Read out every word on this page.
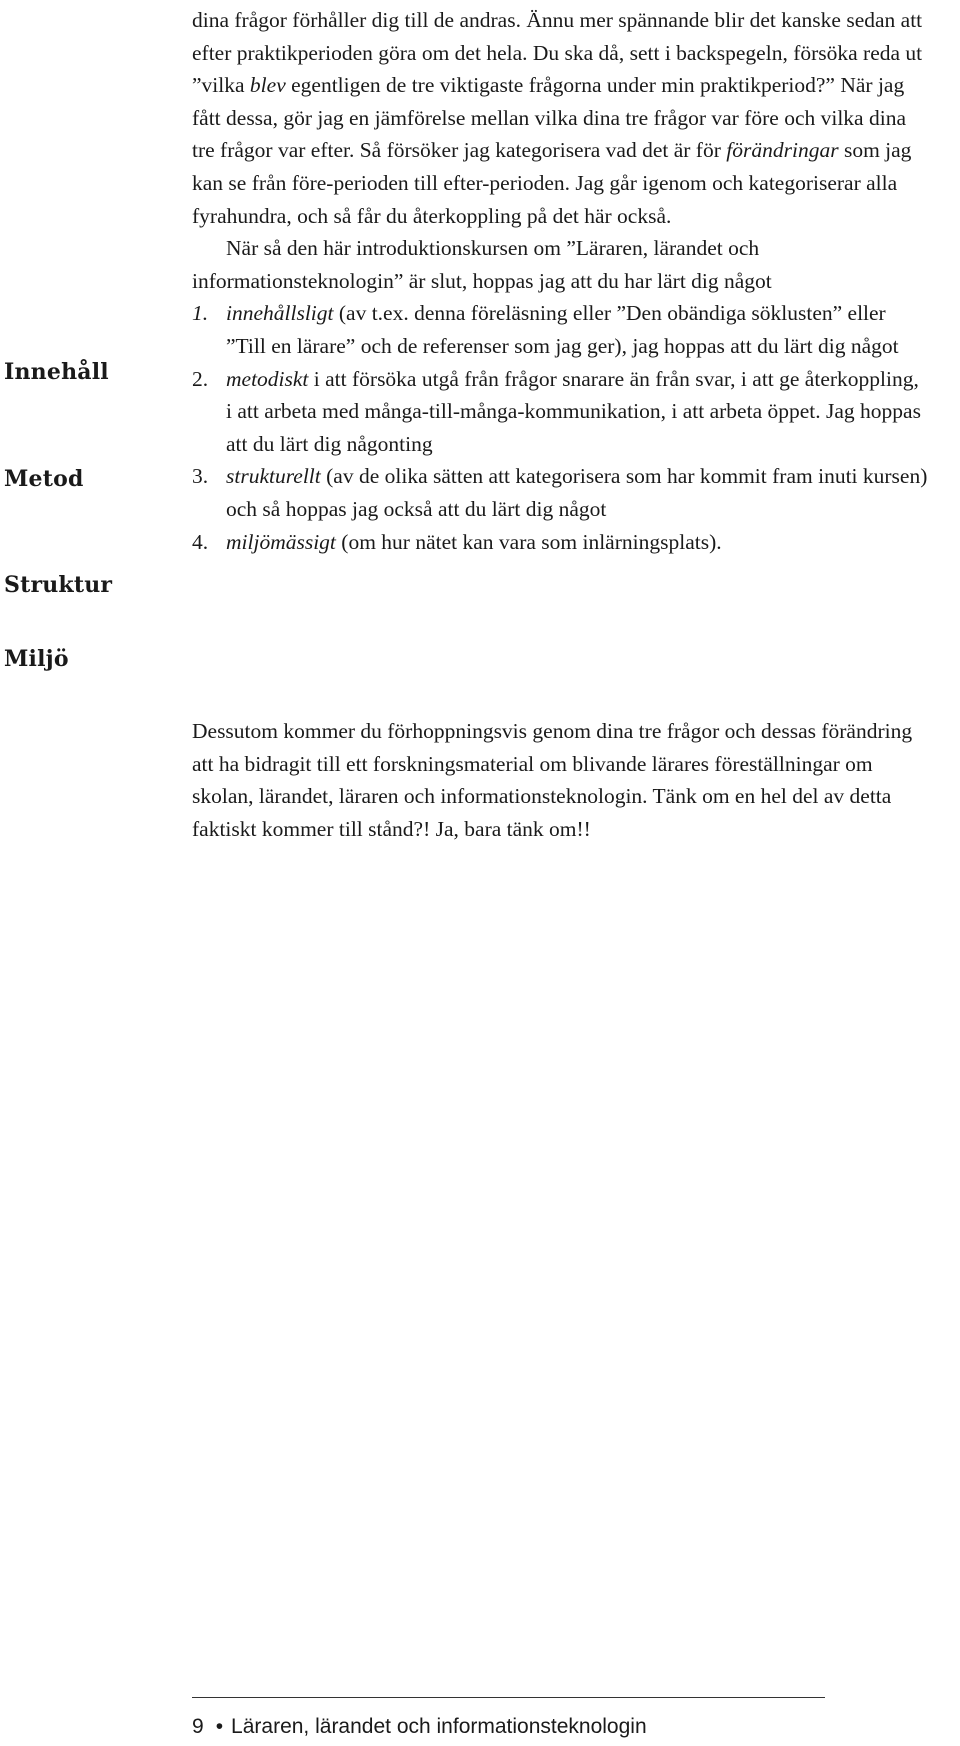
dina frågor förhåller dig till de andras. Ännu mer spännande blir det kanske sedan att efter praktikperioden göra om det hela. Du ska då, sett i backspegeln, försöka reda ut ”vilka blev egentligen de tre viktigaste frågorna under min praktikperiod?” När jag fått dessa, gör jag en jämförelse mellan vilka dina tre frågor var före och vilka dina tre frågor var efter. Så försöker jag kategorisera vad det är för förändringar som jag kan se från före-perioden till efter-perioden. Jag går igenom och kategoriserar alla fyrahundra, och så får du återkoppling på det här också.

När så den här introduktionskursen om ”Läraren, lärandet och informationsteknologin” är slut, hoppas jag att du har lärt dig något

1. innehållsligt (av t.ex. denna föreläsning eller ”Den obändiga söklusten” eller ”Till en lärare” och de referenser som jag ger), jag hoppas att du lärt dig något
2. metodiskt i att försöka utgå från frågor snarare än från svar, i att ge återkoppling, i att arbeta med många-till-många-kommunikation, i att arbeta öppet. Jag hoppas att du lärt dig någonting
3. strukturellt (av de olika sätten att kategorisera som har kommit fram inuti kursen) och så hoppas jag också att du lärt dig något
4. miljömässigt (om hur nätet kan vara som inlärningsplats).

Dessutom kommer du förhoppningsvis genom dina tre frågor och dessas förändring att ha bidragit till ett forskningsmaterial om blivande lärares föreställningar om skolan, lärandet, läraren och informationsteknologin. Tänk om en hel del av detta faktiskt kommer till stånd?! Ja, bara tänk om!!

Innehåll
Metod
Struktur
Miljö
9 • Läraren, lärandet och informationsteknologin
